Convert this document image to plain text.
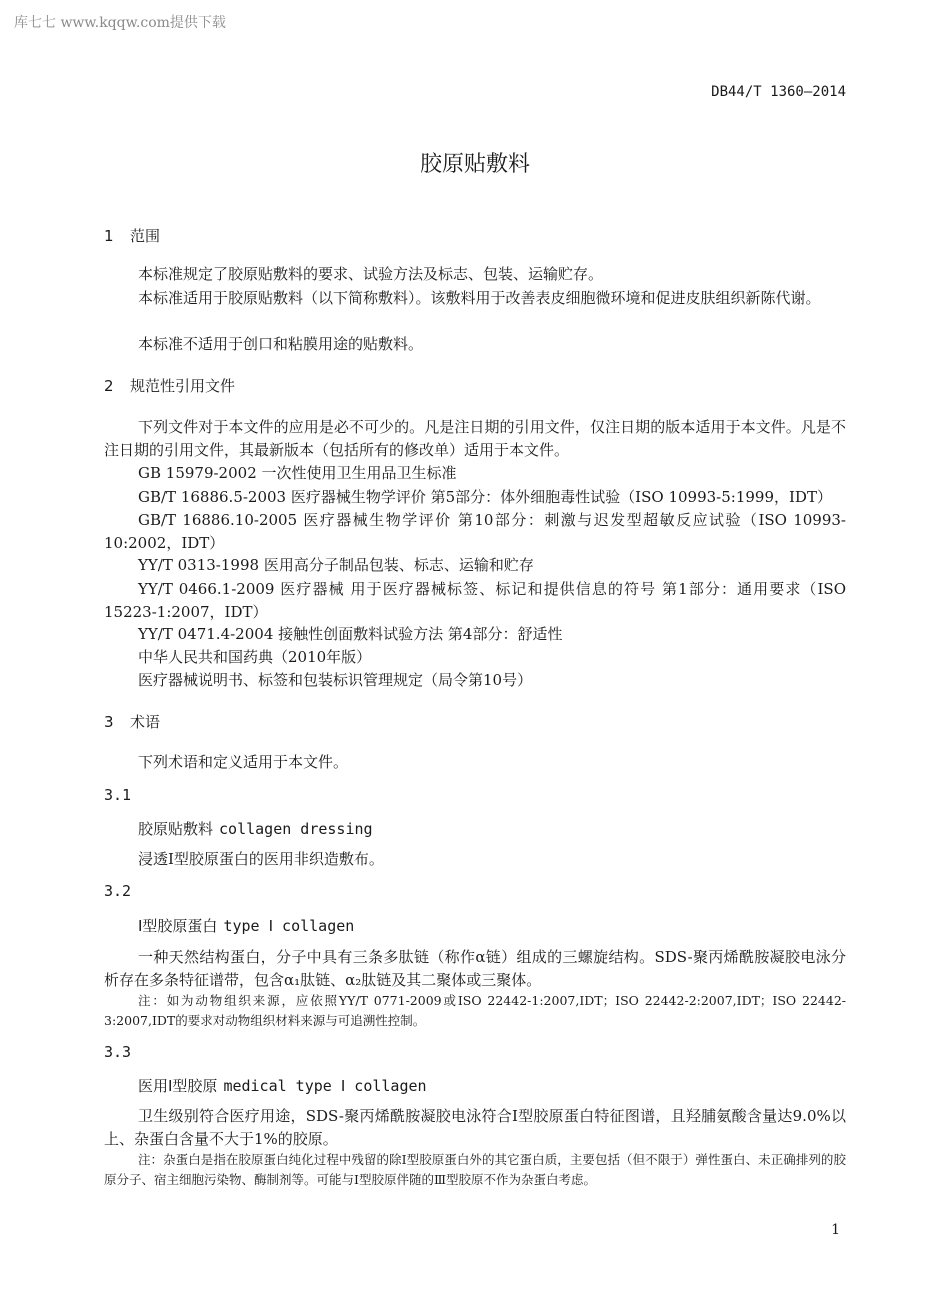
库七七 www.kqqw.com提供下载
DB44/T 1360—2014
胶原贴敷料
1 范围
本标准规定了胶原贴敷料的要求、试验方法及标志、包装、运输贮存。
本标准适用于胶原贴敷料（以下简称敷料）。该敷料用于改善表皮细胞微环境和促进皮肤组织新陈代谢。
本标准不适用于创口和粘膜用途的贴敷料。
2 规范性引用文件
下列文件对于本文件的应用是必不可少的。凡是注日期的引用文件，仅注日期的版本适用于本文件。凡是不注日期的引用文件，其最新版本（包括所有的修改单）适用于本文件。
GB 15979-2002 一次性使用卫生用品卫生标准
GB/T 16886.5-2003 医疗器械生物学评价 第5部分：体外细胞毒性试验（ISO 10993-5:1999，IDT）
GB/T 16886.10-2005 医疗器械生物学评价 第10部分：刺激与迟发型超敏反应试验（ISO 10993-10:2002，IDT）
YY/T 0313-1998 医用高分子制品包装、标志、运输和贮存
YY/T 0466.1-2009 医疗器械 用于医疗器械标签、标记和提供信息的符号 第1部分：通用要求（ISO 15223-1:2007，IDT）
YY/T 0471.4-2004 接触性创面敷料试验方法 第4部分：舒适性
中华人民共和国药典（2010年版）
医疗器械说明书、标签和包装标识管理规定（局令第10号）
3 术语
下列术语和定义适用于本文件。
3.1
胶原贴敷料 collagen dressing
浸透Ⅰ型胶原蛋白的医用非织造敷布。
3.2
Ⅰ型胶原蛋白 type Ⅰ collagen
一种天然结构蛋白，分子中具有三条多肽链（称作α链）组成的三螺旋结构。SDS-聚丙烯酰胺凝胶电泳分析存在多条特征谱带，包含α₁肽链、α₂肽链及其二聚体或三聚体。
注：如为动物组织来源，应依照YY/T 0771-2009或ISO 22442-1:2007,IDT；ISO 22442-2:2007,IDT；ISO 22442-3:2007,IDT的要求对动物组织材料来源与可追溯性控制。
3.3
医用Ⅰ型胶原 medical type Ⅰ collagen
卫生级别符合医疗用途，SDS-聚丙烯酰胺凝胶电泳符合Ⅰ型胶原蛋白特征图谱，且羟脯氨酸含量达9.0%以上、杂蛋白含量不大于1%的胶原。
注：杂蛋白是指在胶原蛋白纯化过程中残留的除Ⅰ型胶原蛋白外的其它蛋白质，主要包括（但不限于）弹性蛋白、未正确排列的胶原分子、宿主细胞污染物、酶制剂等。可能与Ⅰ型胶原伴随的Ⅲ型胶原不作为杂蛋白考虑。
1
